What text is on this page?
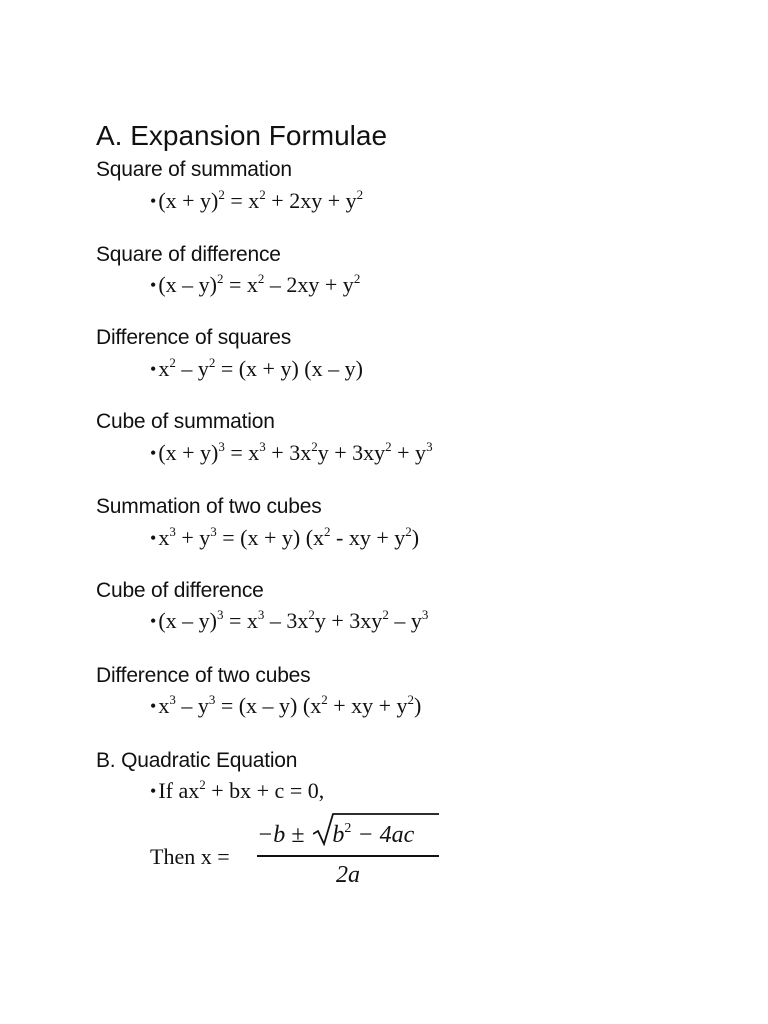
A. Expansion Formulae
Square of summation
•(x + $y)^2 = x^2 + 2xy + y^2$
Square of difference
•(x – $y)^2 = x^2 - 2xy + y^2$
Difference of squares
$•x^2 - y^2 = (x + y)$ (x – y)
Cube of summation
•(x + $y)^3 = x^3 + 3x^2y + 3xy^2 + y^3$
Summation of two cubes
$•x^3 + y^3 = (x + y)$ ($x^2$ - xy + $y^2$)
Cube of difference
•(x – $y)^3 = x^3 - 3x^2y + 3xy^2 - y^3$
Difference of two cubes
$•x^3 - y^3 = (x - y) (x^2$ + xy + $y^2$)
B. Quadratic Equation
•If $ax^2$ + bx + c = 0,
Then x =
$-b \pm b^2 - 4ac$
2a
